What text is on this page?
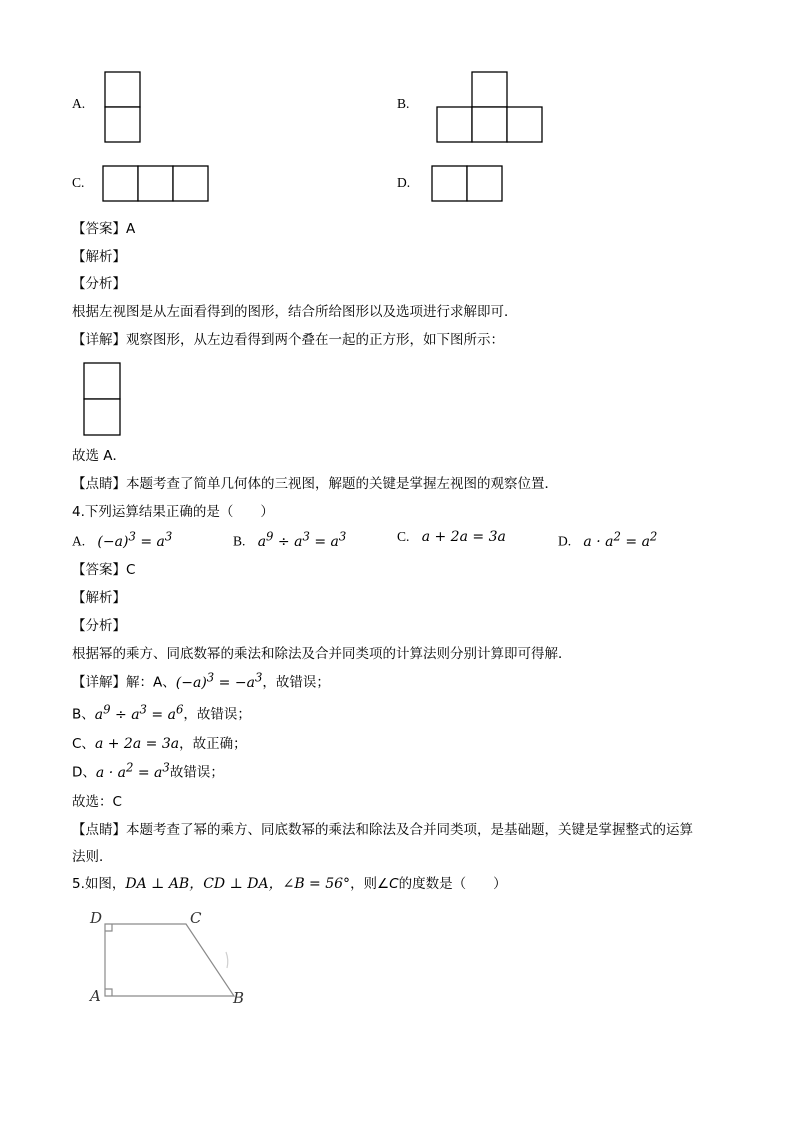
A.	B.
C.	D.
【答案】A
【解析】
【分析】
根据左视图是从左面看得到的图形，结合所给图形以及选项进行求解即可．
【详解】观察图形，从左边看得到两个叠在一起的正方形，如下图所示：
故选 A．
【点睛】本题考查了简单几何体的三视图，解题的关键是掌握左视图的观察位置．
4.下列运算结果正确的是（　　）
A. $(-a)^3 = a^3$	B. $a^9 \div a^3 = a^3$	C. a + 2a = 3a	D. $a \cdot a^2 = a^2$
【答案】C
【解析】
【分析】
根据幂的乘方、同底数幂的乘法和除法及合并同类项的计算法则分别计算即可得解．
【详解】解：A、$(-a)^3 = -a^3$，故错误；
B、$a^9 \div a^3 = a^6$，故错误；
C、a + 2a = 3a，故正确；
D、$a \cdot a^2 = a^3$故错误；
故选：C
【点睛】本题考查了幂的乘方、同底数幂的乘法和除法及合并同类项，是基础题，关键是掌握整式的运算
法则．
5.如图，DA ⊥ AB，CD ⊥ DA，∠B = 56°，则∠C的度数是（　　）
D	C
A	B
